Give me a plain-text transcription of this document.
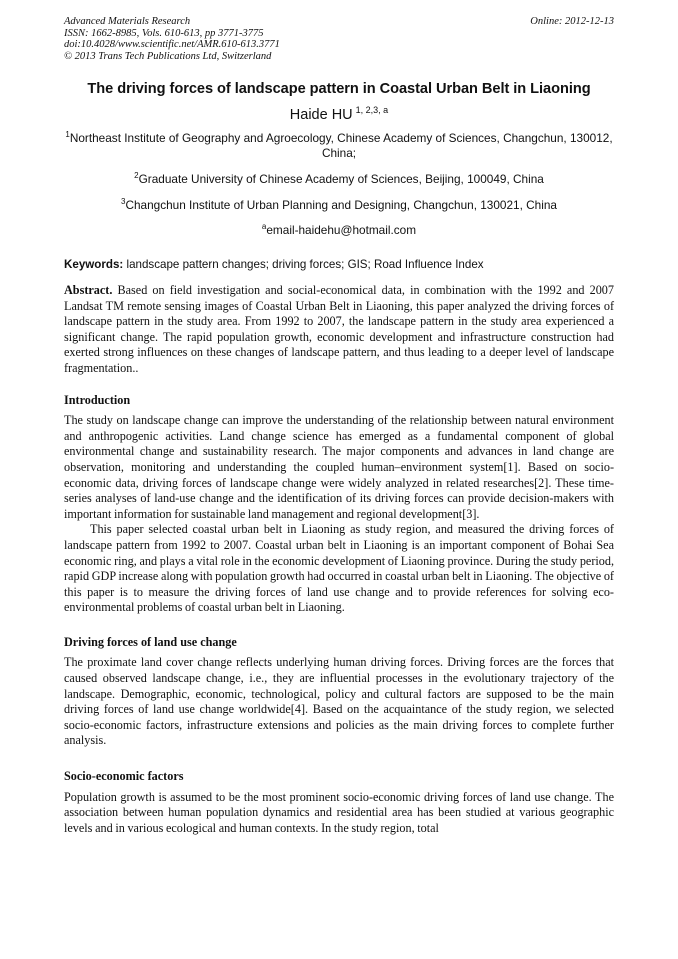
Advanced Materials Research
ISSN: 1662-8985, Vols. 610-613, pp 3771-3775
doi:10.4028/www.scientific.net/AMR.610-613.3771
© 2013 Trans Tech Publications Ltd, Switzerland
Online: 2012-12-13
The driving forces of landscape pattern in Coastal Urban Belt in Liaoning
Haide HU $^{1, 2,3, a}$
$^1$Northeast Institute of Geography and Agroecology, Chinese Academy of Sciences, Changchun, 130012, China;
$^2$Graduate University of Chinese Academy of Sciences, Beijing, 100049, China
$^3$Changchun Institute of Urban Planning and Designing, Changchun, 130021, China
$^a$email-haidehu@hotmail.com
Keywords: landscape pattern changes; driving forces; GIS; Road Influence Index

Abstract. Based on field investigation and social-economical data, in combination with the 1992 and 2007 Landsat TM remote sensing images of Coastal Urban Belt in Liaoning, this paper analyzed the driving forces of landscape pattern in the study area. From 1992 to 2007, the landscape pattern in the study area experienced a significant change. The rapid population growth, economic development and infrastructure construction had exerted strong influences on these changes of landscape pattern, and thus leading to a deeper level of landscape fragmentation..

Introduction

The study on landscape change can improve the understanding of the relationship between natural environment and anthropogenic activities. Land change science has emerged as a fundamental component of global environmental change and sustainability research. The major components and advances in land change are observation, monitoring and understanding the coupled human–environment system[1]. Based on socio-economic data, driving forces of landscape change were widely analyzed in related researches[2]. These time-series analyses of land-use change and the identification of its driving forces can provide decision-makers with important information for sustainable land management and regional development[3].

This paper selected coastal urban belt in Liaoning as study region, and measured the driving forces of landscape pattern from 1992 to 2007. Coastal urban belt in Liaoning is an important component of Bohai Sea economic ring, and plays a vital role in the economic development of Liaoning province. During the study period, rapid GDP increase along with population growth had occurred in coastal urban belt in Liaoning. The objective of this paper is to measure the driving forces of land use change and to provide references for solving eco-environmental problems of coastal urban belt in Liaoning.

Driving forces of land use change

The proximate land cover change reflects underlying human driving forces. Driving forces are the forces that caused observed landscape change, i.e., they are influential processes in the evolutionary trajectory of the landscape. Demographic, economic, technological, policy and cultural factors are supposed to be the main driving forces of land use change worldwide[4]. Based on the acquaintance of the study region, we selected socio-economic factors, infrastructure extensions and policies as the main driving forces to complete further analysis.

Socio-economic factors

Population growth is assumed to be the most prominent socio-economic driving forces of land use change. The association between human population dynamics and residential area has been studied at various geographic levels and in various ecological and human contexts. In the study region, total
